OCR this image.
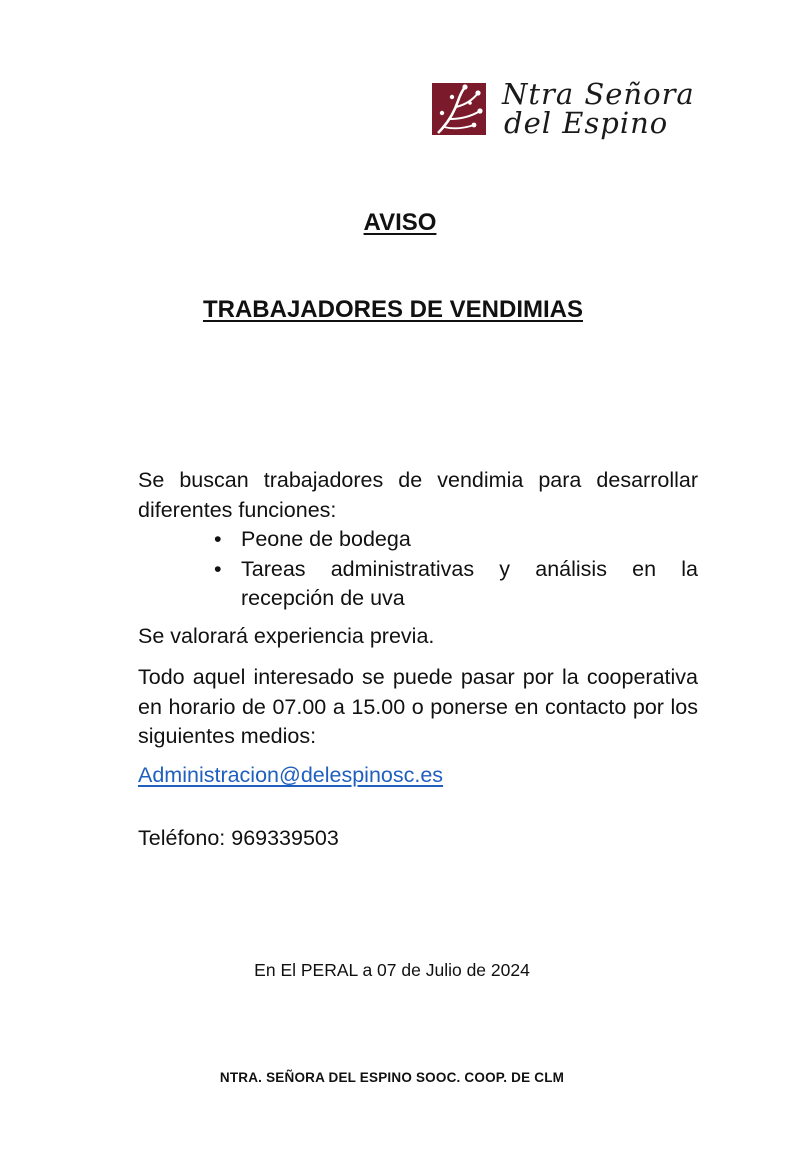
Ntra Señora
del Espino
AVISO
TRABAJADORES DE VENDIMIAS
Se buscan trabajadores de vendimia para desarrollar diferentes funciones:
• Peone de bodega
• Tareas administrativas y análisis en la recepción de uva
Se valorará experiencia previa.
Todo aquel interesado se puede pasar por la cooperativa en horario de 07.00 a 15.00 o ponerse en contacto por los siguientes medios:
Administracion@delespinosc.es
Teléfono: 969339503
En El PERAL a 07 de Julio de 2024
NTRA. SEÑORA DEL ESPINO SOOC. COOP. DE CLM
